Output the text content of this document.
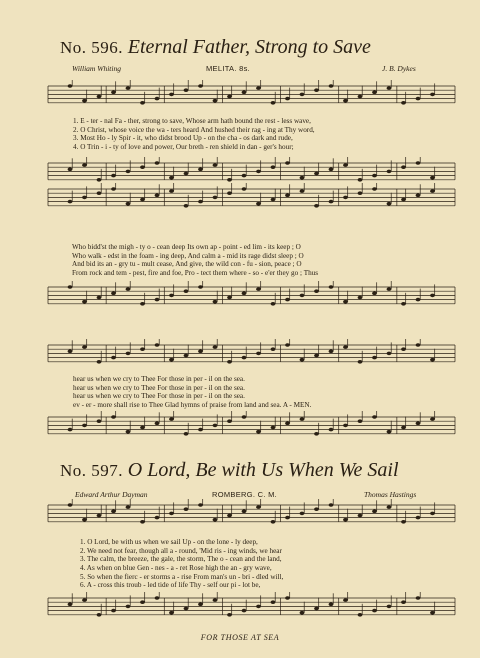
No. 596. Eternal Father, Strong to Save
William Whiting	MELITA. 8s.	J. B. Dykes
1. E - ter - nal Fa - ther, strong to save, Whose arm hath bound the rest - less wave,
2. O Christ, whose voice the wa - ters heard And hushed their rag - ing at Thy word,
3. Most Ho - ly Spir - it, who didst brood Up - on the cha - os dark and rude,
4. O Trin - i - ty of love and power, Our breth - ren shield in dan - ger's hour;
Who bidd'st the migh - ty o - cean deep Its own ap - point - ed lim - its keep ; O
Who walk - edst in the foam - ing deep, And calm a - mid its rage didst sleep ; O
And bid its an - gry tu - mult cease, And give, the wild con - fu - sion, peace ; O
From rock and tem - pest, fire and foe, Pro - tect them where - so - e'er they go ; Thus
hear us when we cry to Thee For those in per - il on the sea.
hear us when we cry to Thee For those in per - il on the sea.
hear us when we cry to Thee For those in per - il on the sea.
ev - er - more shall rise to Thee Glad hymns of praise from land and sea. A - MEN.
No. 597. O Lord, Be with Us When We Sail
Edward Arthur Dayman	ROMBERG. C. M.	Thomas Hastings
1. O Lord, be with us when we sail Up - on the lone - ly deep,
2. We need not fear, though all a - round, 'Mid ris - ing winds, we hear
3. The calm, the breeze, the gale, the storm, The o - cean and the land,
4. As when on blue Gen - nes - a - ret Rose high the an - gry wave,
5. So when the fierc - er storms a - rise From man's un - bri - dled will,
6. A - cross this troub - led tide of life Thy - self our pi - lot be,
FOR THOSE AT SEA
